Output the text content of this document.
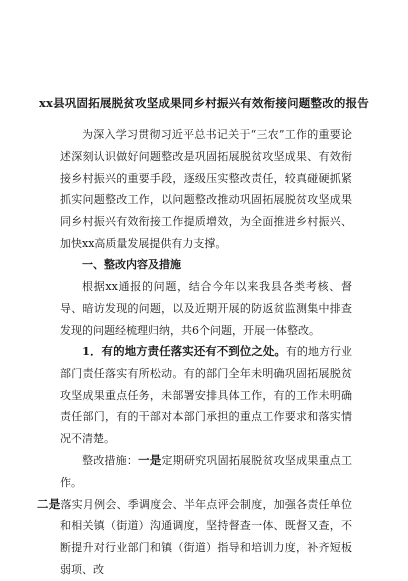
xx县巩固拓展脱贫攻坚成果同乡村振兴有效衔接问题整改的报告

为深入学习贯彻习近平总书记关于“三农”工作的重要论述深刻认识做好问题整改是巩固拓展脱贫攻坚成果、有效衔接乡村振兴的重要手段，逐级压实整改责任，较真碰硬抓紧抓实问题整改工作，以问题整改推动巩固拓展脱贫攻坚成果同乡村振兴有效衔接工作提质增效，为全面推进乡村振兴、加快xx高质量发展提供有力支撑。

一、整改内容及措施

根据xx通报的问题，结合今年以来我县各类考核、督导、暗访发现的问题，以及近期开展的防返贫监测集中排查发现的问题经梳理归纳，共6个问题，开展一体整改。

1．有的地方责任落实还有不到位之处。有的地方行业部门责任落实有所松动。有的部门全年未明确巩固拓展脱贫攻坚成果重点任务，未部署安排具体工作，有的工作未明确责任部门，有的干部对本部门承担的重点工作要求和落实情况不清楚。

整改措施：一是定期研究巩固拓展脱贫攻坚成果重点工作。
二是落实月例会、季调度会、半年点评会制度，加强各责任单位和相关镇（街道）沟通调度，坚持督查一体、既督又查，不断提升对行业部门和镇（街道）指导和培训力度，补齐短板弱项、改
